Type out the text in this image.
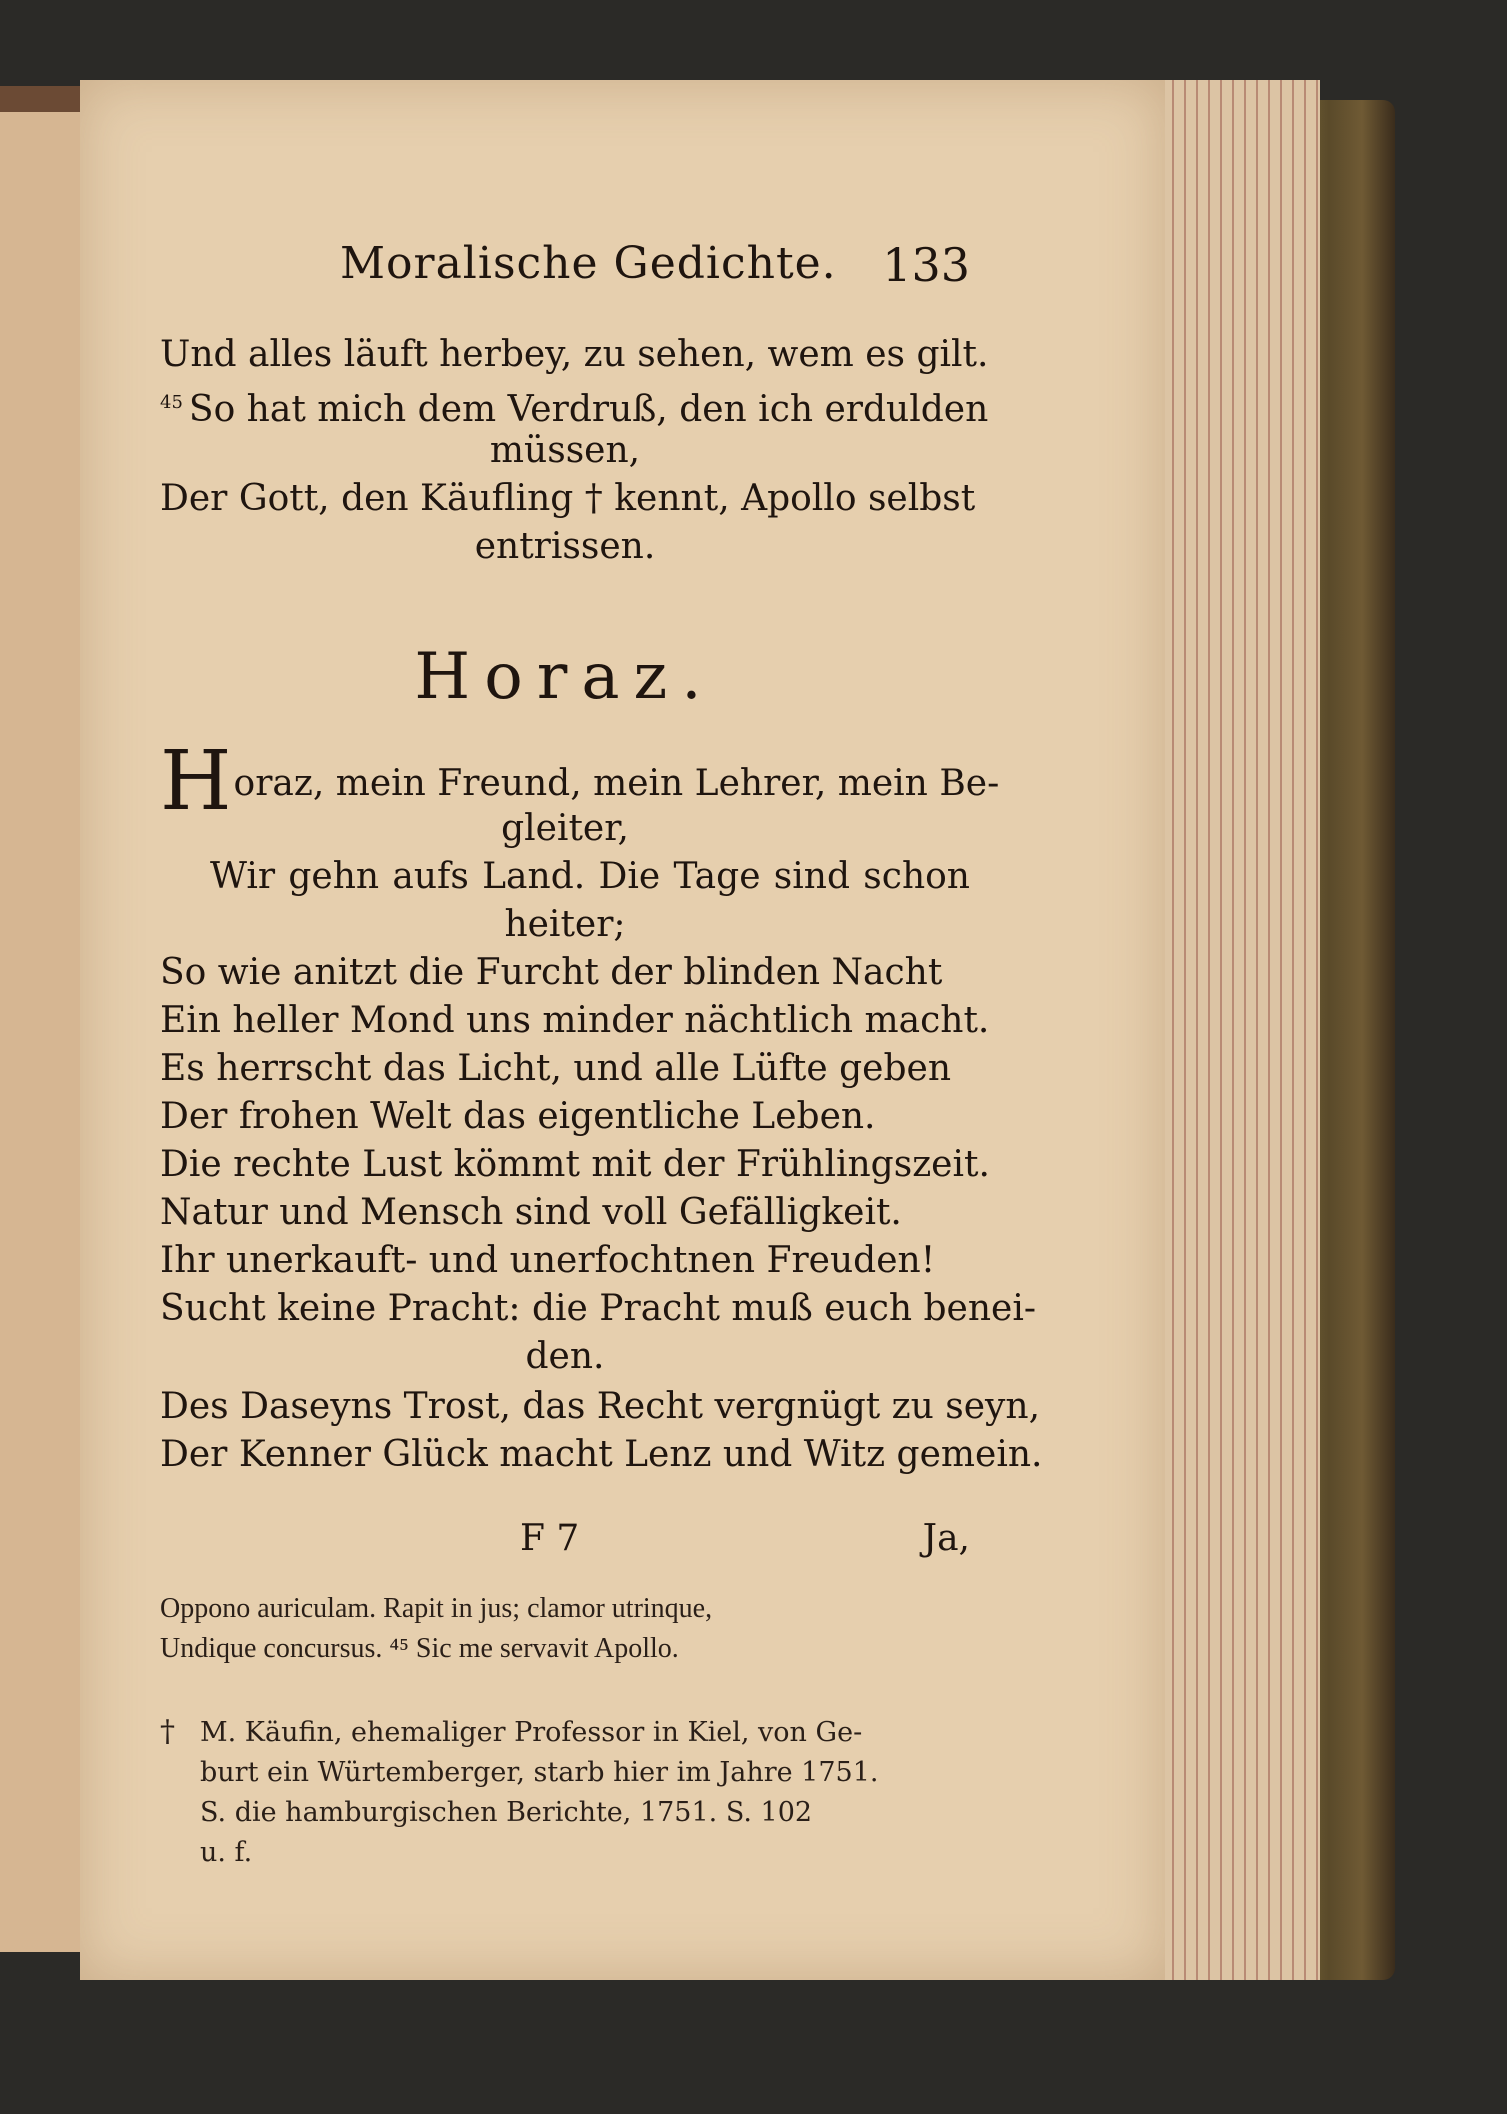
Moralische Gedichte. 133
Und alles läuft herbey, zu sehen, wem es gilt.
$^{45}$ So hat mich dem Verdruß, den ich erdulden
müssen,
Der Gott, den Käufling † kennt, Apollo selbst
entrissen.
Horaz.
Horaz, mein Freund, mein Lehrer, mein Be-
gleiter,
Wir gehn aufs Land. Die Tage sind schon
heiter;
So wie anitzt die Furcht der blinden Nacht
Ein heller Mond uns minder nächtlich macht.
Es herrscht das Licht, und alle Lüfte geben
Der frohen Welt das eigentliche Leben.
Die rechte Lust kömmt mit der Frühlingszeit.
Natur und Mensch sind voll Gefälligkeit.
Ihr unerkauft- und unerfochtnen Freuden!
Sucht keine Pracht: die Pracht muß euch benei-
den.
Des Daseyns Trost, das Recht vergnügt zu seyn,
Der Kenner Glück macht Lenz und Witz gemein.
F 7	Ja,
Oppono auriculam. Rapit in jus; clamor utrinque,
Undique concursus. ⁴⁵ Sic me servavit Apollo.
† M. Käufin, ehemaliger Professor in Kiel, von Ge-
burt ein Würtemberger, starb hier im Jahre 1751.
S. die hamburgischen Berichte, 1751. S. 102
u. f.
